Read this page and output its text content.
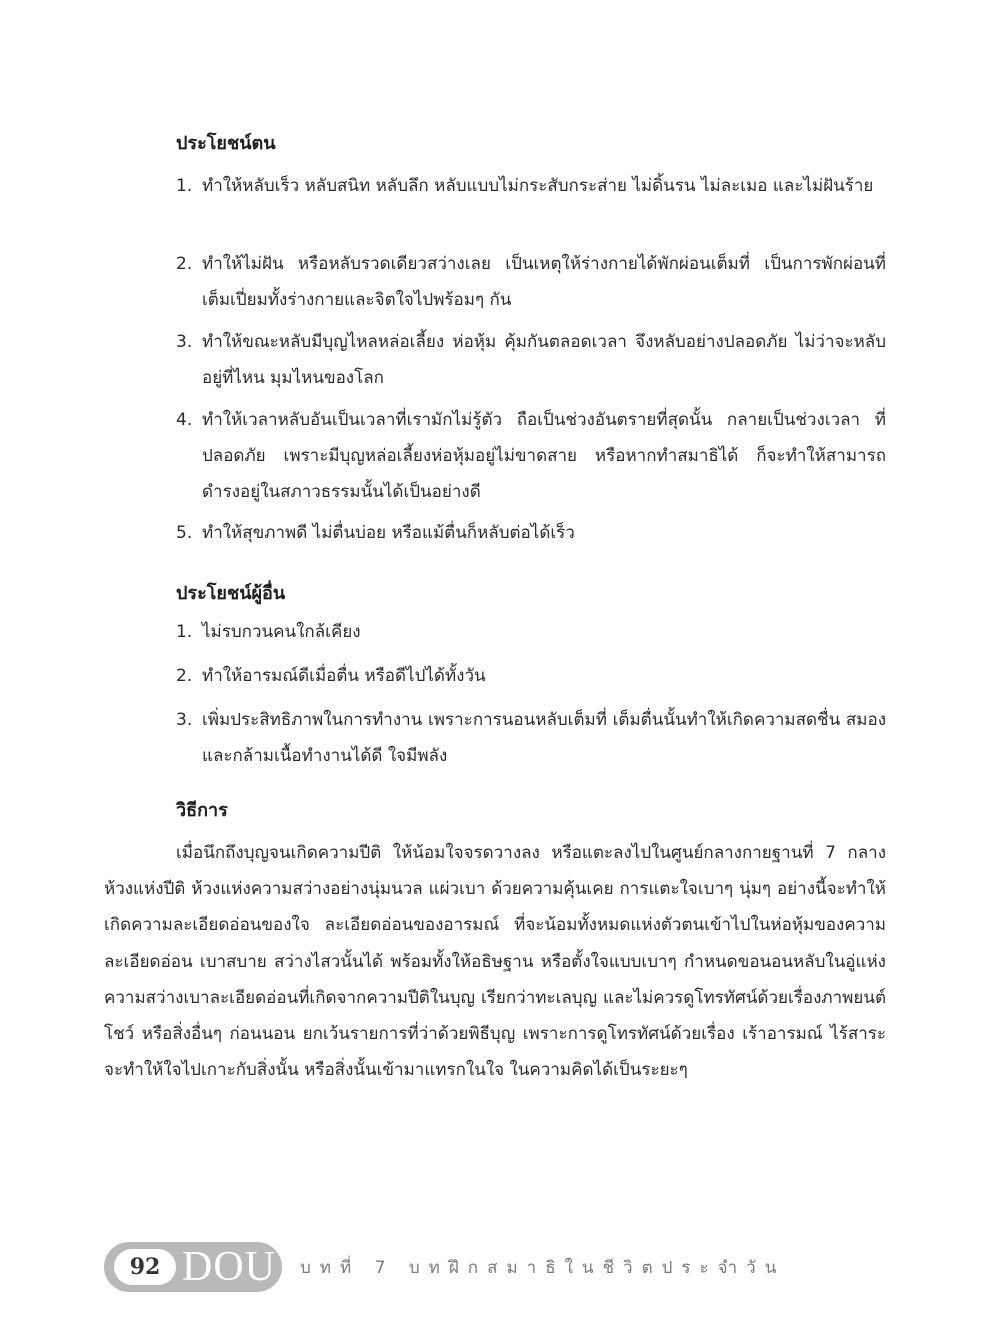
ประโยชน์ตน
1. ทำให้หลับเร็ว หลับสนิท หลับลึก หลับแบบไม่กระสับกระส่าย ไม่ดิ้นรน ไม่ละเมอ และไม่ฝันร้าย
2. ทำให้ไม่ฝัน หรือหลับรวดเดียวสว่างเลย เป็นเหตุให้ร่างกายได้พักผ่อนเต็มที่ เป็นการพักผ่อนที่เต็มเปี่ยมทั้งร่างกายและจิตใจไปพร้อมๆ กัน
3. ทำให้ขณะหลับมีบุญไหลหล่อเลี้ยง ห่อหุ้ม คุ้มกันตลอดเวลา จึงหลับอย่างปลอดภัย ไม่ว่าจะหลับอยู่ที่ไหน มุมไหนของโลก
4. ทำให้เวลาหลับอันเป็นเวลาที่เรามักไม่รู้ตัว ถือเป็นช่วงอันตรายที่สุดนั้น กลายเป็นช่วงเวลา ที่ปลอดภัย เพราะมีบุญหล่อเลี้ยงห่อหุ้มอยู่ไม่ขาดสาย หรือหากทำสมาธิได้ ก็จะทำให้สามารถดำรงอยู่ในสภาวธรรมนั้นได้เป็นอย่างดี
5. ทำให้สุขภาพดี ไม่ตื่นบ่อย หรือแม้ตื่นก็หลับต่อได้เร็ว
ประโยชน์ผู้อื่น
1. ไม่รบกวนคนใกล้เคียง
2. ทำให้อารมณ์ดีเมื่อตื่น หรือดีไปได้ทั้งวัน
3. เพิ่มประสิทธิภาพในการทำงาน เพราะการนอนหลับเต็มที่ เต็มตื่นนั้นทำให้เกิดความสดชื่น สมองและกล้ามเนื้อทำงานได้ดี ใจมีพลัง
วิธีการ
เมื่อนึกถึงบุญจนเกิดความปีติ ให้น้อมใจจรดวางลง หรือแตะลงไปในศูนย์กลางกายฐานที่ 7 กลางห้วงแห่งปีติ ห้วงแห่งความสว่างอย่างนุ่มนวล แผ่วเบา ด้วยความคุ้นเคย การแตะใจเบาๆ นุ่มๆ อย่างนี้จะทำให้เกิดความละเอียดอ่อนของใจ ละเอียดอ่อนของอารมณ์ ที่จะน้อมทั้งหมดแห่งตัวตนเข้าไปในห่อหุ้มของความละเอียดอ่อน เบาสบาย สว่างไสวนั้นได้ พร้อมทั้งให้อธิษฐาน หรือตั้งใจแบบเบาๆ กำหนดขอนอนหลับในอู่แห่งความสว่างเบาละเอียดอ่อนที่เกิดจากความปีติในบุญ เรียกว่าทะเลบุญ และไม่ควรดูโทรทัศน์ด้วยเรื่องภาพยนต์ โชว์ หรือสิ่งอื่นๆ ก่อนนอน ยกเว้นรายการที่ว่าด้วยพิธีบุญ เพราะการดูโทรทัศน์ด้วยเรื่อง เร้าอารมณ์ ไร้สาระจะทำให้ใจไปเกาะกับสิ่งนั้น หรือสิ่งนั้นเข้ามาแทรกในใจ ในความคิดได้เป็นระยะๆ
92 DOU บทที่ 7 บทฝึกสมาธิในชีวิตประจำวัน
